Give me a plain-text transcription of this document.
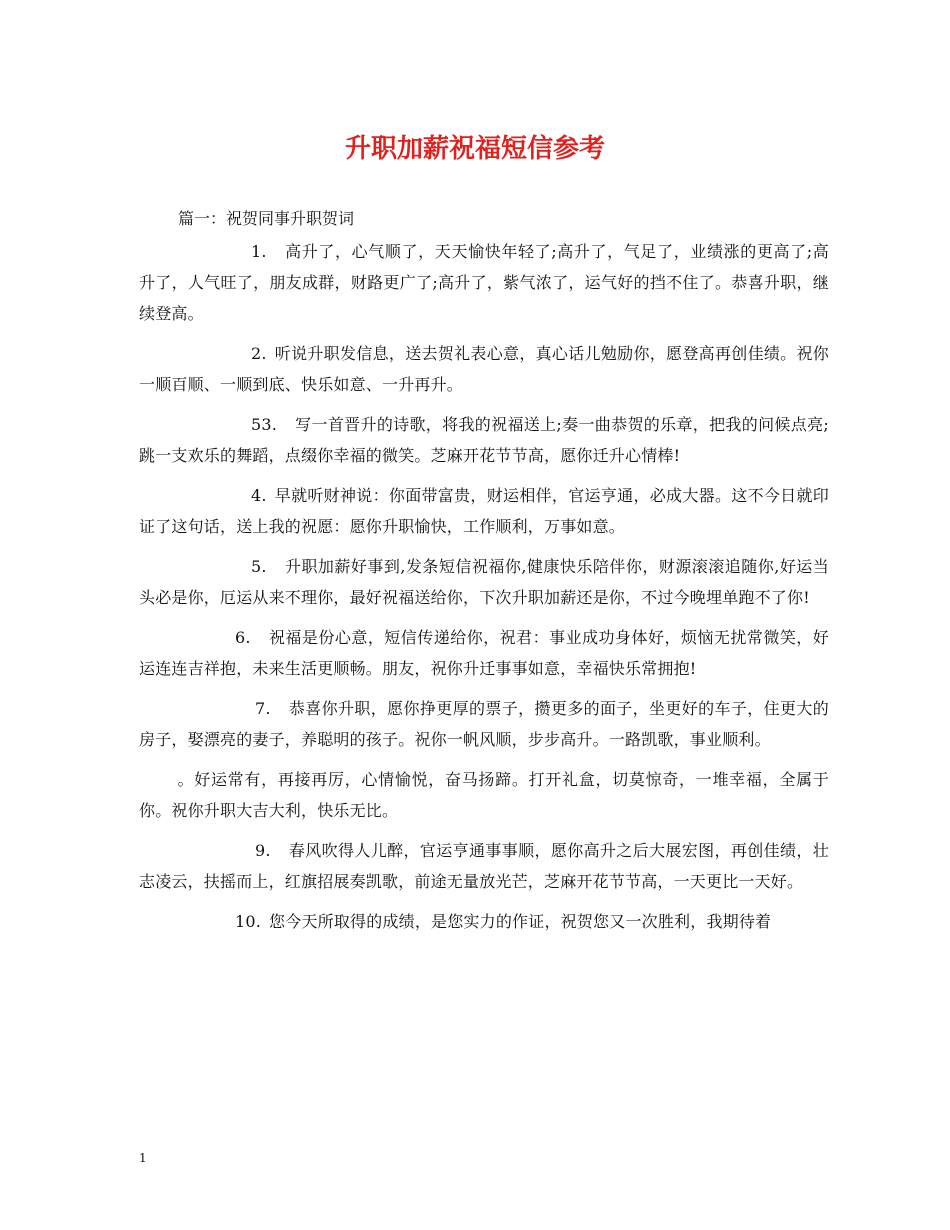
升职加薪祝福短信参考
篇一：祝贺同事升职贺词

1. 高升了，心气顺了，天天愉快年轻了;高升了，气足了，业绩涨的更高了;高升了，人气旺了，朋友成群，财路更广了;高升了，紫气浓了，运气好的挡不住了。恭喜升职，继续登高。

2. 听说升职发信息，送去贺礼表心意，真心话儿勉励你，愿登高再创佳绩。祝你一顺百顺、一顺到底、快乐如意、一升再升。

53. 写一首晋升的诗歌，将我的祝福送上;奏一曲恭贺的乐章，把我的问候点亮;跳一支欢乐的舞蹈，点缀你幸福的微笑。芝麻开花节节高，愿你迁升心情棒!

4. 早就听财神说：你面带富贵，财运相伴，官运亨通，必成大器。这不今日就印证了这句话，送上我的祝愿：愿你升职愉快，工作顺利，万事如意。

5. 升职加薪好事到,发条短信祝福你,健康快乐陪伴你，财源滚滚追随你,好运当头必是你，厄运从来不理你，最好祝福送给你，下次升职加薪还是你，不过今晚埋单跑不了你!

6. 祝福是份心意，短信传递给你，祝君：事业成功身体好，烦恼无扰常微笑，好运连连吉祥抱，未来生活更顺畅。朋友，祝你升迁事事如意，幸福快乐常拥抱!

7. 恭喜你升职，愿你挣更厚的票子，攒更多的面子，坐更好的车子，住更大的房子，娶漂亮的妻子，养聪明的孩子。祝你一帆风顺，步步高升。一路凯歌，事业顺利。

。好运常有，再接再厉，心情愉悦，奋马扬蹄。打开礼盒，切莫惊奇，一堆幸福，全属于你。祝你升职大吉大利，快乐无比。

9. 春风吹得人儿醉，官运亨通事事顺，愿你高升之后大展宏图，再创佳绩，壮志凌云，扶摇而上，红旗招展奏凯歌，前途无量放光芒，芝麻开花节节高，一天更比一天好。

10. 您今天所取得的成绩，是您实力的作证，祝贺您又一次胜利，我期待着

1
